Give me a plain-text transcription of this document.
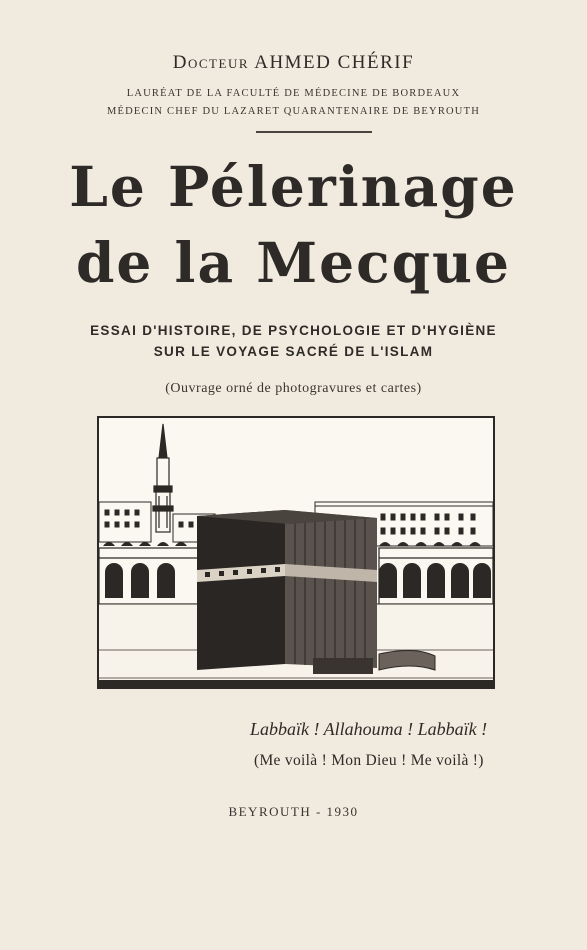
Docteur AHMED CHÉRIF
LAURÉAT DE LA FACULTÉ DE MÉDECINE DE BORDEAUX
MÉDECIN CHEF DU LAZARET QUARANTENAIRE DE BEYROUTH
Le Pélerinage
de la Mecque
ESSAI D'HISTOIRE, DE PSYCHOLOGIE ET D'HYGIÈNE
SUR LE VOYAGE SACRÉ DE L'ISLAM
(Ouvrage orné de photogravures et cartes)
Labbaïk ! Allahouma ! Labbaïk !
(Me voilà ! Mon Dieu ! Me voilà !)
BEYROUTH - 1930
